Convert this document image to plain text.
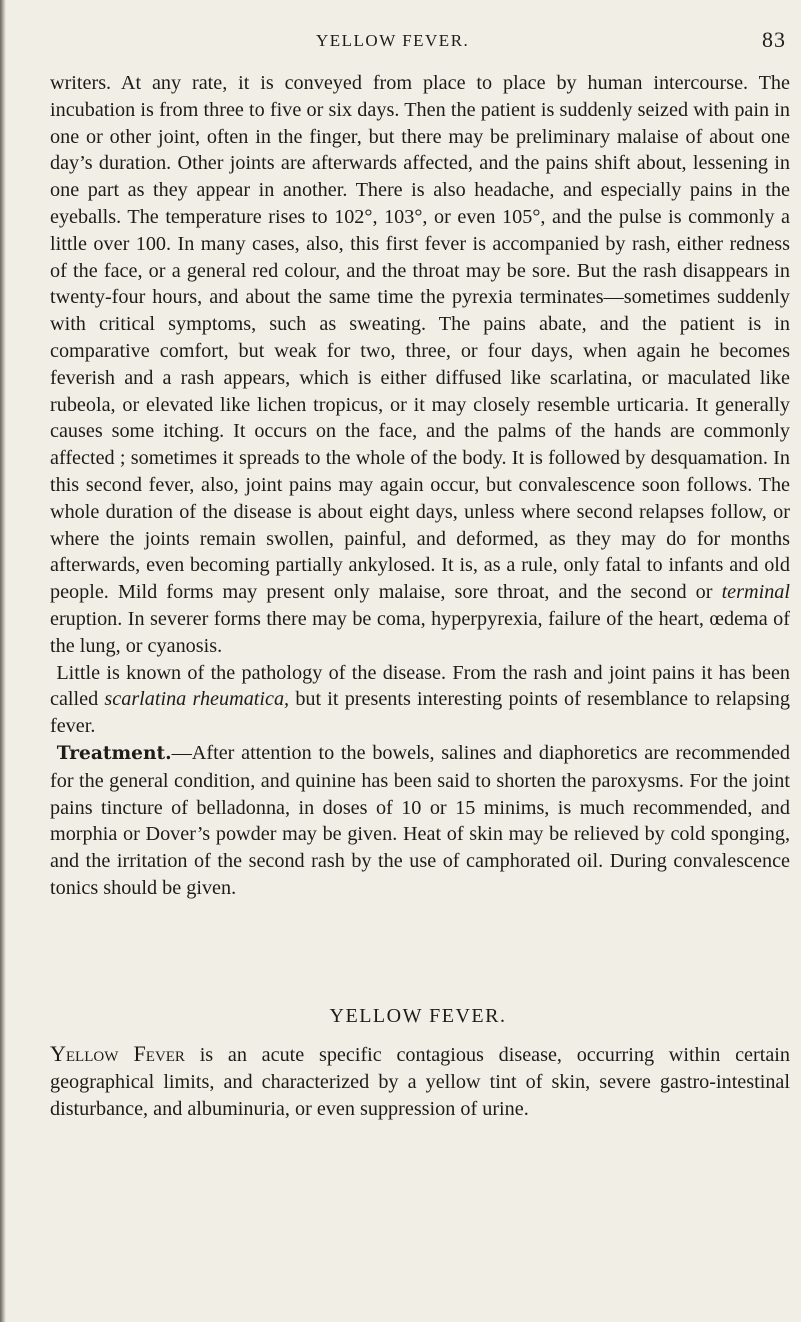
YELLOW FEVER.	83

writers. At any rate, it is conveyed from place to place by human intercourse. The incubation is from three to five or six days. Then the patient is suddenly seized with pain in one or other joint, often in the finger, but there may be preliminary malaise of about one day’s duration. Other joints are afterwards affected, and the pains shift about, lessening in one part as they appear in another. There is also headache, and especially pains in the eyeballs. The temperature rises to 102°, 103°, or even 105°, and the pulse is commonly a little over 100. In many cases, also, this first fever is accompanied by rash, either redness of the face, or a general red colour, and the throat may be sore. But the rash disappears in twenty-four hours, and about the same time the pyrexia terminates—sometimes suddenly with critical symptoms, such as sweating. The pains abate, and the patient is in comparative comfort, but weak for two, three, or four days, when again he becomes feverish and a rash appears, which is either diffused like scarlatina, or maculated like rubeola, or elevated like lichen tropicus, or it may closely resemble urticaria. It generally causes some itching. It occurs on the face, and the palms of the hands are commonly affected ; sometimes it spreads to the whole of the body. It is followed by desquamation. In this second fever, also, joint pains may again occur, but convalescence soon follows. The whole duration of the disease is about eight days, unless where second relapses follow, or where the joints remain swollen, painful, and deformed, as they may do for months afterwards, even becoming partially ankylosed. It is, as a rule, only fatal to infants and old people. Mild forms may present only malaise, sore throat, and the second or terminal eruption. In severer forms there may be coma, hyperpyrexia, failure of the heart, œdema of the lung, or cyanosis.

Little is known of the pathology of the disease. From the rash and joint pains it has been called scarlatina rheumatica, but it presents interesting points of resemblance to relapsing fever.

Treatment.—After attention to the bowels, salines and diaphoretics are recommended for the general condition, and quinine has been said to shorten the paroxysms. For the joint pains tincture of belladonna, in doses of 10 or 15 minims, is much recommended, and morphia or Dover’s powder may be given. Heat of skin may be relieved by cold sponging, and the irritation of the second rash by the use of camphorated oil. During convalescence tonics should be given.

YELLOW FEVER.
Yellow Fever is an acute specific contagious disease, occurring within certain geographical limits, and characterized by a yellow tint of skin, severe gastro-intestinal disturbance, and albuminuria, or even suppression of urine.
